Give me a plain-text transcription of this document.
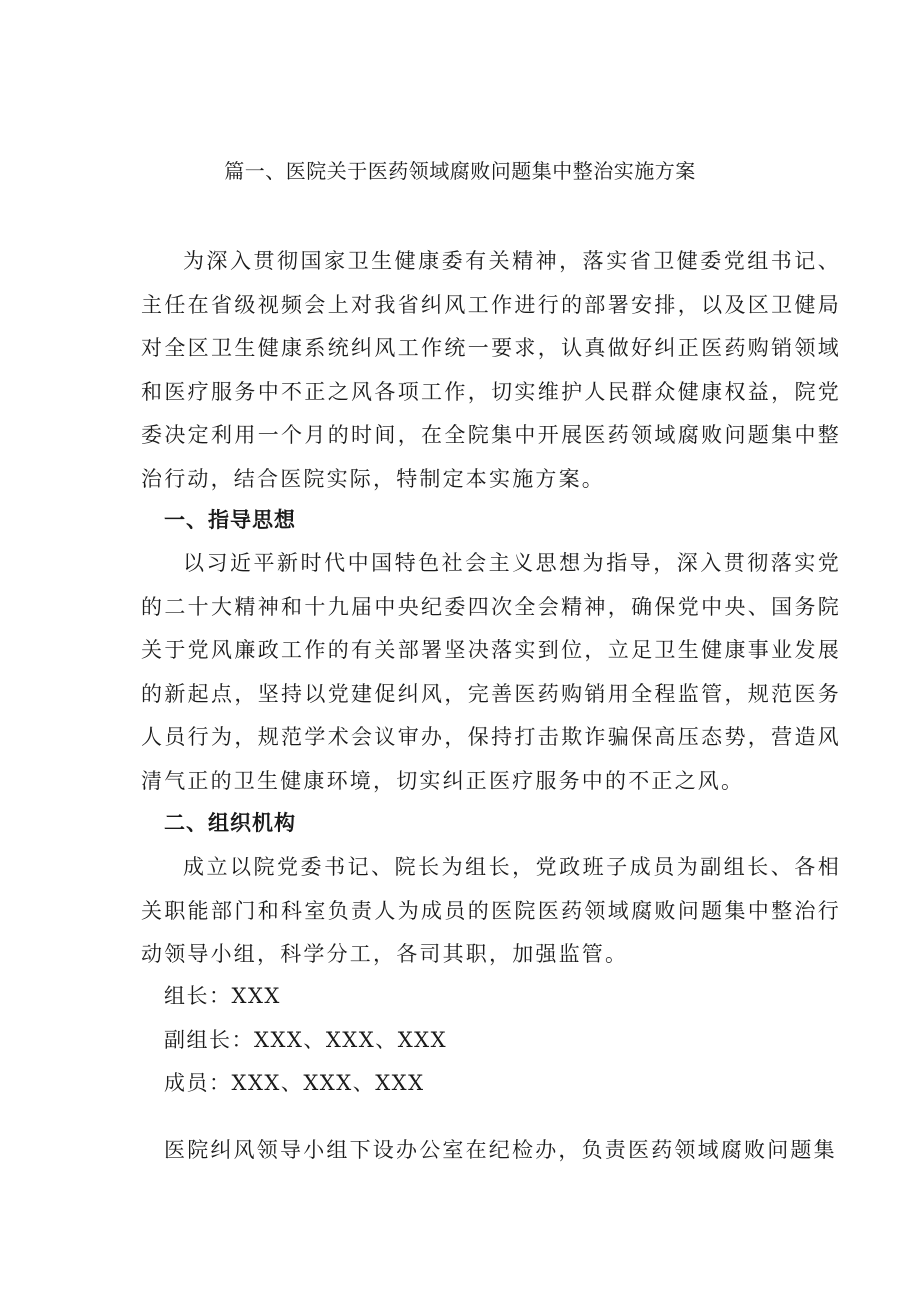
篇一、医院关于医药领域腐败问题集中整治实施方案

为深入贯彻国家卫生健康委有关精神，落实省卫健委党组书记、主任在省级视频会上对我省纠风工作进行的部署安排，以及区卫健局对全区卫生健康系统纠风工作统一要求，认真做好纠正医药购销领域和医疗服务中不正之风各项工作，切实维护人民群众健康权益，院党委决定利用一个月的时间，在全院集中开展医药领域腐败问题集中整治行动，结合医院实际，特制定本实施方案。

一、指导思想

以习近平新时代中国特色社会主义思想为指导，深入贯彻落实党的二十大精神和十九届中央纪委四次全会精神，确保党中央、国务院关于党风廉政工作的有关部署坚决落实到位，立足卫生健康事业发展的新起点，坚持以党建促纠风，完善医药购销用全程监管，规范医务人员行为，规范学术会议审办，保持打击欺诈骗保高压态势，营造风清气正的卫生健康环境，切实纠正医疗服务中的不正之风。

二、组织机构

成立以院党委书记、院长为组长，党政班子成员为副组长、各相关职能部门和科室负责人为成员的医院医药领域腐败问题集中整治行动领导小组，科学分工，各司其职，加强监管。

组长：XXX

副组长：XXX、XXX、XXX

成员：XXX、XXX、XXX

医院纠风领导小组下设办公室在纪检办，负责医药领域腐败问题集
